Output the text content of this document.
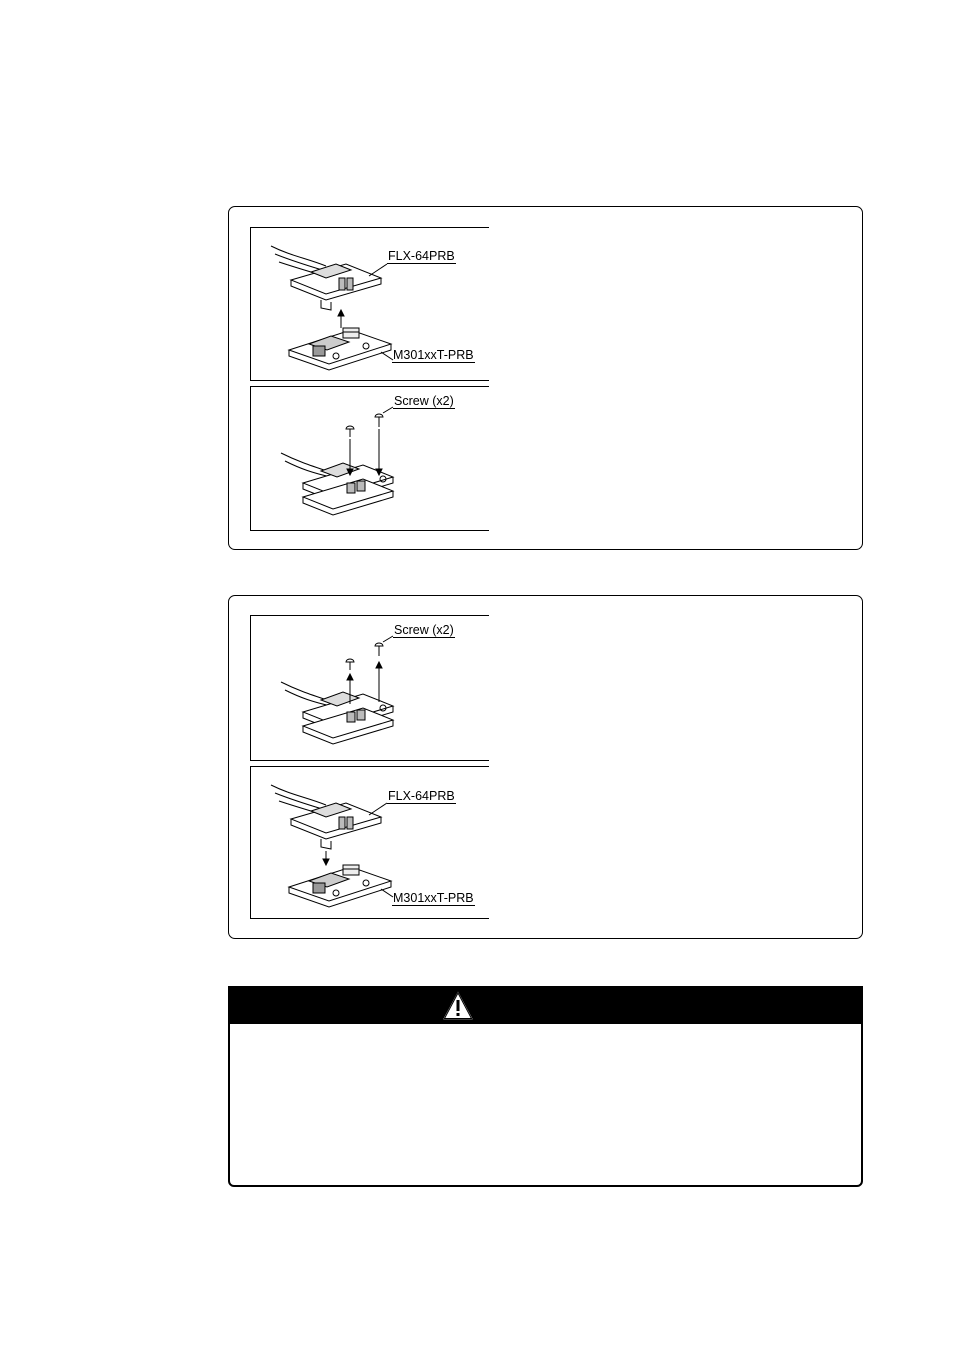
FLX-64PRB
M301xxT-PRB
Screw (x2)
Screw (x2)
FLX-64PRB
M301xxT-PRB
